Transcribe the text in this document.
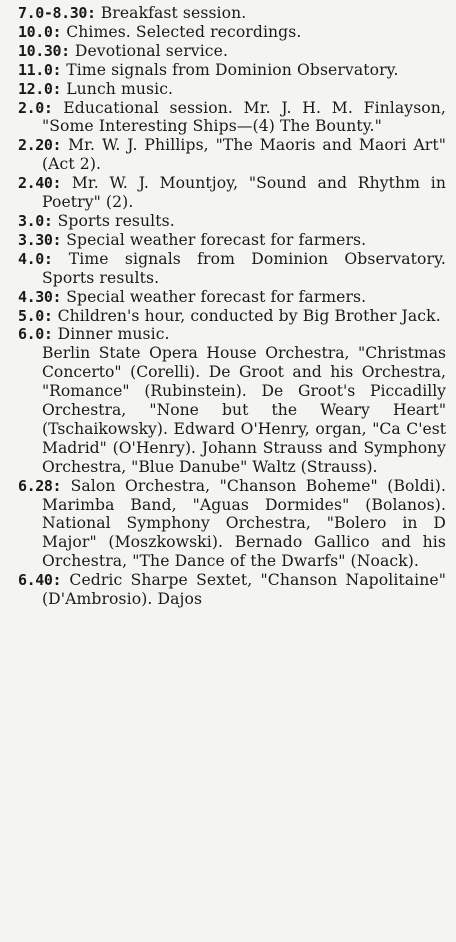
7.0-8.30: Breakfast session.

10.0: Chimes. Selected recordings.

10.30: Devotional service.

11.0: Time signals from Dominion Observatory.

12.0: Lunch music.

2.0: Educational session. Mr. J. H. M. Finlayson, "Some Interesting Ships—(4) The Bounty."

2.20: Mr. W. J. Phillips, "The Maoris and Maori Art" (Act 2).

2.40: Mr. W. J. Mountjoy, "Sound and Rhythm in Poetry" (2).

3.0: Sports results.

3.30: Special weather forecast for farmers.

4.0: Time signals from Dominion Observatory. Sports results.

4.30: Special weather forecast for farmers.

5.0: Children's hour, conducted by Big Brother Jack.

6.0: Dinner music.

Berlin State Opera House Orchestra, "Christmas Concerto" (Corelli). De Groot and his Orchestra, "Romance" (Rubinstein). De Groot's Piccadilly Orchestra, "None but the Weary Heart" (Tschaikowsky). Edward O'Henry, organ, "Ca C'est Madrid" (O'Henry). Johann Strauss and Symphony Orchestra, "Blue Danube" Waltz (Strauss).

6.28: Salon Orchestra, "Chanson Boheme" (Boldi). Marimba Band, "Aguas Dormides" (Bolanos). National Symphony Orchestra, "Bolero in D Major" (Moszkowski). Bernado Gallico and his Orchestra, "The Dance of the Dwarfs" (Noack).

6.40: Cedric Sharpe Sextet, "Chanson Napolitaine" (D'Ambrosio). Dajos
